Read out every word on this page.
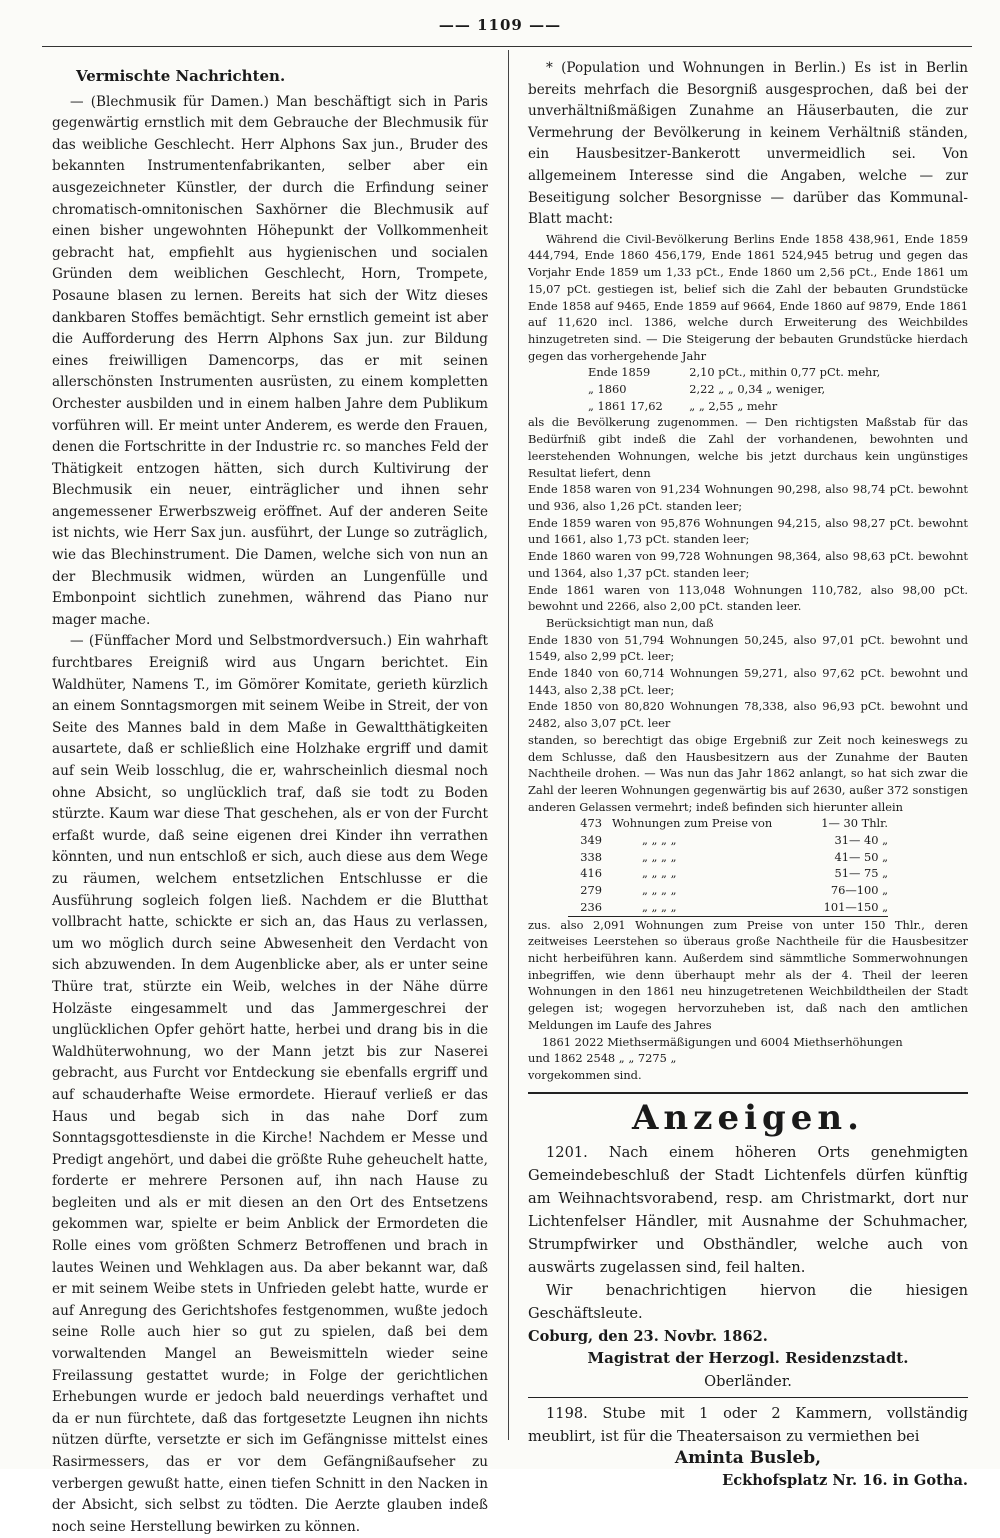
—— 1109 ——

Vermischte Nachrichten.

— (Blechmusik für Damen.) Man beschäftigt sich in Paris gegenwärtig ernstlich mit dem Gebrauche der Blechmusik für das weibliche Geschlecht. Herr Alphons Sax jun., Bruder des bekannten Instrumentenfabrikanten, selber aber ein ausgezeichneter Künstler, der durch die Erfindung seiner chromatisch-omnitonischen Saxhörner die Blechmusik auf einen bisher ungewohnten Höhepunkt der Vollkommenheit gebracht hat, empfiehlt aus hygienischen und socialen Gründen dem weiblichen Geschlecht, Horn, Trompete, Posaune blasen zu lernen. Bereits hat sich der Witz dieses dankbaren Stoffes bemächtigt. Sehr ernstlich gemeint ist aber die Aufforderung des Herrn Alphons Sax jun. zur Bildung eines freiwilligen Damencorps, das er mit seinen allerschönsten Instrumenten ausrüsten, zu einem kompletten Orchester ausbilden und in einem halben Jahre dem Publikum vorführen will. Er meint unter Anderem, es werde den Frauen, denen die Fortschritte in der Industrie rc. so manches Feld der Thätigkeit entzogen hätten, sich durch Kultivirung der Blechmusik ein neuer, einträglicher und ihnen sehr angemessener Erwerbszweig eröffnet. Auf der anderen Seite ist nichts, wie Herr Sax jun. ausführt, der Lunge so zuträglich, wie das Blechinstrument. Die Damen, welche sich von nun an der Blechmusik widmen, würden an Lungenfülle und Embonpoint sichtlich zunehmen, während das Piano nur mager mache.

— (Fünffacher Mord und Selbstmordversuch.) Ein wahrhaft furchtbares Ereigniß wird aus Ungarn berichtet. Ein Waldhüter, Namens T., im Gömörer Komitate, gerieth kürzlich an einem Sonntagsmorgen mit seinem Weibe in Streit, der von Seite des Mannes bald in dem Maße in Gewaltthätigkeiten ausartete, daß er schließlich eine Holzhake ergriff und damit auf sein Weib losschlug, die er, wahrscheinlich diesmal noch ohne Absicht, so unglücklich traf, daß sie todt zu Boden stürzte. Kaum war diese That geschehen, als er von der Furcht erfaßt wurde, daß seine eigenen drei Kinder ihn verrathen könnten, und nun entschloß er sich, auch diese aus dem Wege zu räumen, welchem entsetzlichen Entschlusse er die Ausführung sogleich folgen ließ. Nachdem er die Blutthat vollbracht hatte, schickte er sich an, das Haus zu verlassen, um wo möglich durch seine Abwesenheit den Verdacht von sich abzuwenden. In dem Augenblicke aber, als er unter seine Thüre trat, stürzte ein Weib, welches in der Nähe dürre Holzäste eingesammelt und das Jammergeschrei der unglücklichen Opfer gehört hatte, herbei und drang bis in die Waldhüterwohnung, wo der Mann jetzt bis zur Naserei gebracht, aus Furcht vor Entdeckung sie ebenfalls ergriff und auf schauderhafte Weise ermordete. Hierauf verließ er das Haus und begab sich in das nahe Dorf zum Sonntagsgottesdienste in die Kirche! Nachdem er Messe und Predigt angehört, und dabei die größte Ruhe geheuchelt hatte, forderte er mehrere Personen auf, ihn nach Hause zu begleiten und als er mit diesen an den Ort des Entsetzens gekommen war, spielte er beim Anblick der Ermordeten die Rolle eines vom größten Schmerz Betroffenen und brach in lautes Weinen und Wehklagen aus. Da aber bekannt war, daß er mit seinem Weibe stets in Unfrieden gelebt hatte, wurde er auf Anregung des Gerichtshofes festgenommen, wußte jedoch seine Rolle auch hier so gut zu spielen, daß bei dem vorwaltenden Mangel an Beweismitteln wieder seine Freilassung gestattet wurde; in Folge der gerichtlichen Erhebungen wurde er jedoch bald neuerdings verhaftet und da er nun fürchtete, daß das fortgesetzte Leugnen ihn nichts nützen dürfte, versetzte er sich im Gefängnisse mittelst eines Rasirmessers, das er vor dem Gefängnißaufseher zu verbergen gewußt hatte, einen tiefen Schnitt in den Nacken in der Absicht, sich selbst zu tödten. Die Aerzte glauben indeß noch seine Herstellung bewirken zu können.

* (Population und Wohnungen in Berlin.) Es ist in Berlin bereits mehrfach die Besorgniß ausgesprochen, daß bei der unverhältnißmäßigen Zunahme an Häuserbauten, die zur Vermehrung der Bevölkerung in keinem Verhältniß ständen, ein Hausbesitzer-Bankerott unvermeidlich sei. Von allgemeinem Interesse sind die Angaben, welche — zur Beseitigung solcher Besorgnisse — darüber das Kommunal-Blatt macht:

Während die Civil-Bevölkerung Berlins Ende 1858 438,961, Ende 1859 444,794, Ende 1860 456,179, Ende 1861 524,945 betrug und gegen das Vorjahr Ende 1859 um 1,33 pCt., Ende 1860 um 2,56 pCt., Ende 1861 um 15,07 pCt. gestiegen ist, belief sich die Zahl der bebauten Grundstücke Ende 1858 auf 9465, Ende 1859 auf 9664, Ende 1860 auf 9879, Ende 1861 auf 11,620 incl. 1386, welche durch Erweiterung des Weichbildes hinzugetreten sind. — Die Steigerung der bebauten Grundstücke hierdach gegen das vorhergehende Jahr

Ende 1859	2,10 pCt., mithin 0,77 pCt. mehr,
„ 1860	2,22 „ „ 0,34 „ weniger,
„ 1861 17,62	„ „ 2,55 „ mehr

als die Bevölkerung zugenommen. — Den richtigsten Maßstab für das Bedürfniß gibt indeß die Zahl der vorhandenen, bewohnten und leerstehenden Wohnungen, welche bis jetzt durchaus kein ungünstiges Resultat liefert, denn

Ende 1858 waren von 91,234 Wohnungen 90,298, also 98,74 pCt. bewohnt und 936, also 1,26 pCt. standen leer;

Ende 1859 waren von 95,876 Wohnungen 94,215, also 98,27 pCt. bewohnt und 1661, also 1,73 pCt. standen leer;

Ende 1860 waren von 99,728 Wohnungen 98,364, also 98,63 pCt. bewohnt und 1364, also 1,37 pCt. standen leer;

Ende 1861 waren von 113,048 Wohnungen 110,782, also 98,00 pCt. bewohnt und 2266, also 2,00 pCt. standen leer.

Berücksichtigt man nun, daß

Ende 1830 von 51,794 Wohnungen 50,245, also 97,01 pCt. bewohnt und 1549, also 2,99 pCt. leer;

Ende 1840 von 60,714 Wohnungen 59,271, also 97,62 pCt. bewohnt und 1443, also 2,38 pCt. leer;

Ende 1850 von 80,820 Wohnungen 78,338, also 96,93 pCt. bewohnt und 2482, also 3,07 pCt. leer

standen, so berechtigt das obige Ergebniß zur Zeit noch keineswegs zu dem Schlusse, daß den Hausbesitzern aus der Zunahme der Bauten Nachtheile drohen. — Was nun das Jahr 1862 anlangt, so hat sich zwar die Zahl der leeren Wohnungen gegenwärtig bis auf 2630, außer 372 sonstigen anderen Gelassen vermehrt; indeß befinden sich hierunter allein

473	Wohnungen zum Preise von	1— 30 Thlr.
349	„ „ „ „	31— 40 „
338	„ „ „ „	41— 50 „
416	„ „ „ „	51— 75 „
279	„ „ „ „	76—100 „
236	„ „ „ „	101—150 „

zus. also 2,091 Wohnungen zum Preise von unter 150 Thlr., deren zeitweises Leerstehen so überaus große Nachtheile für die Hausbesitzer nicht herbeiführen kann. Außerdem sind sämmtliche Sommerwohnungen inbegriffen, wie denn überhaupt mehr als der 4. Theil der leeren Wohnungen in den 1861 neu hinzugetretenen Weichbildtheilen der Stadt gelegen ist; wogegen hervorzuheben ist, daß nach den amtlichen Meldungen im Laufe des Jahres

1861 2022 Miethsermäßigungen und 6004 Miethserhöhungen

und 1862 2548 „ „ 7275 „

vorgekommen sind.

Anzeigen.

1201. Nach einem höheren Orts genehmigten Gemeindebeschluß der Stadt Lichtenfels dürfen künftig am Weihnachtsvorabend, resp. am Christmarkt, dort nur Lichtenfelser Händler, mit Ausnahme der Schuhmacher, Strumpfwirker und Obsthändler, welche auch von auswärts zugelassen sind, feil halten.

Wir benachrichtigen hiervon die hiesigen Geschäftsleute.

Coburg, den 23. Novbr. 1862.

Magistrat der Herzogl. Residenzstadt.

Oberländer.

1198. Stube mit 1 oder 2 Kammern, vollständig meublirt, ist für die Theatersaison zu vermiethen bei

Aminta Busleb,

Eckhofsplatz Nr. 16. in Gotha.
